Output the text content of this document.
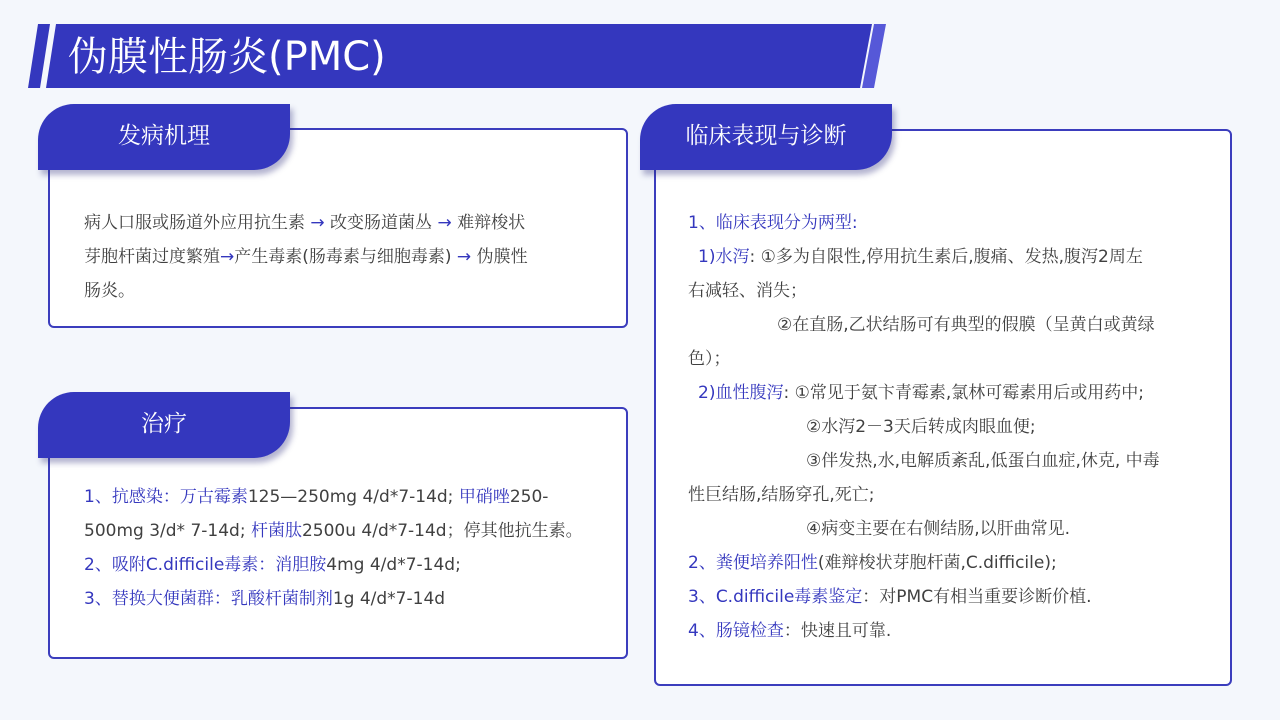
伪膜性肠炎(PMC)
发病机理
病人口服或肠道外应用抗生素 → 改变肠道菌丛 → 难辩梭状
芽胞杆菌过度繁殖→产生毒素(肠毒素与细胞毒素) → 伪膜性
肠炎。
治疗
1、抗感染：万古霉素125—250mg 4/d*7-14d; 甲硝唑250-
500mg 3/d* 7-14d; 杆菌肽2500u 4/d*7-14d；停其他抗生素。
2、吸附C.difficile毒素：消胆胺4mg 4/d*7-14d;
3、替换大便菌群：乳酸杆菌制剂1g 4/d*7-14d
临床表现与诊断
1、临床表现分为两型:
1)水泻: ①多为自限性,停用抗生素后,腹痛、发热,腹泻2周左
右减轻、消失；
②在直肠,乙状结肠可有典型的假膜（呈黄白或黄绿
色）；
2)血性腹泻: ①常见于氨卞青霉素,氯林可霉素用后或用药中;
②水泻2－3天后转成肉眼血便;
③伴发热,水,电解质紊乱,低蛋白血症,休克, 中毒
性巨结肠,结肠穿孔,死亡;
④病变主要在右侧结肠,以肝曲常见.
2、粪便培养阳性(难辩梭状芽胞杆菌,C.difficile);
3、C.difficile毒素鉴定：对PMC有相当重要诊断价植.
4、肠镜检查：快速且可靠.
